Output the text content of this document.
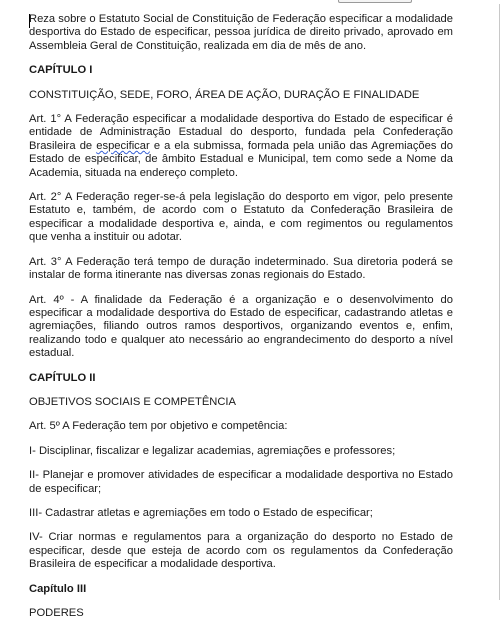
Reza sobre o Estatuto Social de Constituição de Federação especificar a modalidade desportiva do Estado de especificar, pessoa jurídica de direito privado, aprovado em Assembleia Geral de Constituição, realizada em dia de mês de ano.

CAPÍTULO I

CONSTITUIÇÃO, SEDE, FORO, ÁREA DE AÇÃO, DURAÇÃO E FINALIDADE

Art. 1° A Federação especificar a modalidade desportiva do Estado de especificar é entidade de Administração Estadual do desporto, fundada pela Confederação Brasileira de especificar e a ela submissa, formada pela união das Agremiações do Estado de especificar, de âmbito Estadual e Municipal, tem como sede a Nome da Academia, situada na endereço completo.

Art. 2° A Federação reger-se-á pela legislação do desporto em vigor, pelo presente Estatuto e, também, de acordo com o Estatuto da Confederação Brasileira de especificar a modalidade desportiva e, ainda, e com regimentos ou regulamentos que venha a instituir ou adotar.

Art. 3° A Federação terá tempo de duração indeterminado. Sua diretoria poderá se instalar de forma itinerante nas diversas zonas regionais do Estado.

Art. 4º - A finalidade da Federação é a organização e o desenvolvimento do especificar a modalidade desportiva do Estado de especificar, cadastrando atletas e agremiações, filiando outros ramos desportivos, organizando eventos e, enfim, realizando todo e qualquer ato necessário ao engrandecimento do desporto a nível estadual.

CAPÍTULO II

OBJETIVOS SOCIAIS E COMPETÊNCIA

Art. 5º A Federação tem por objetivo e competência:

I- Disciplinar, fiscalizar e legalizar academias, agremiações e professores;

II- Planejar e promover atividades de especificar a modalidade desportiva no Estado de especificar;

III- Cadastrar atletas e agremiações em todo o Estado de especificar;

IV- Criar normas e regulamentos para a organização do desporto no Estado de especificar, desde que esteja de acordo com os regulamentos da Confederação Brasileira de especificar a modalidade desportiva.

Capítulo III

PODERES
